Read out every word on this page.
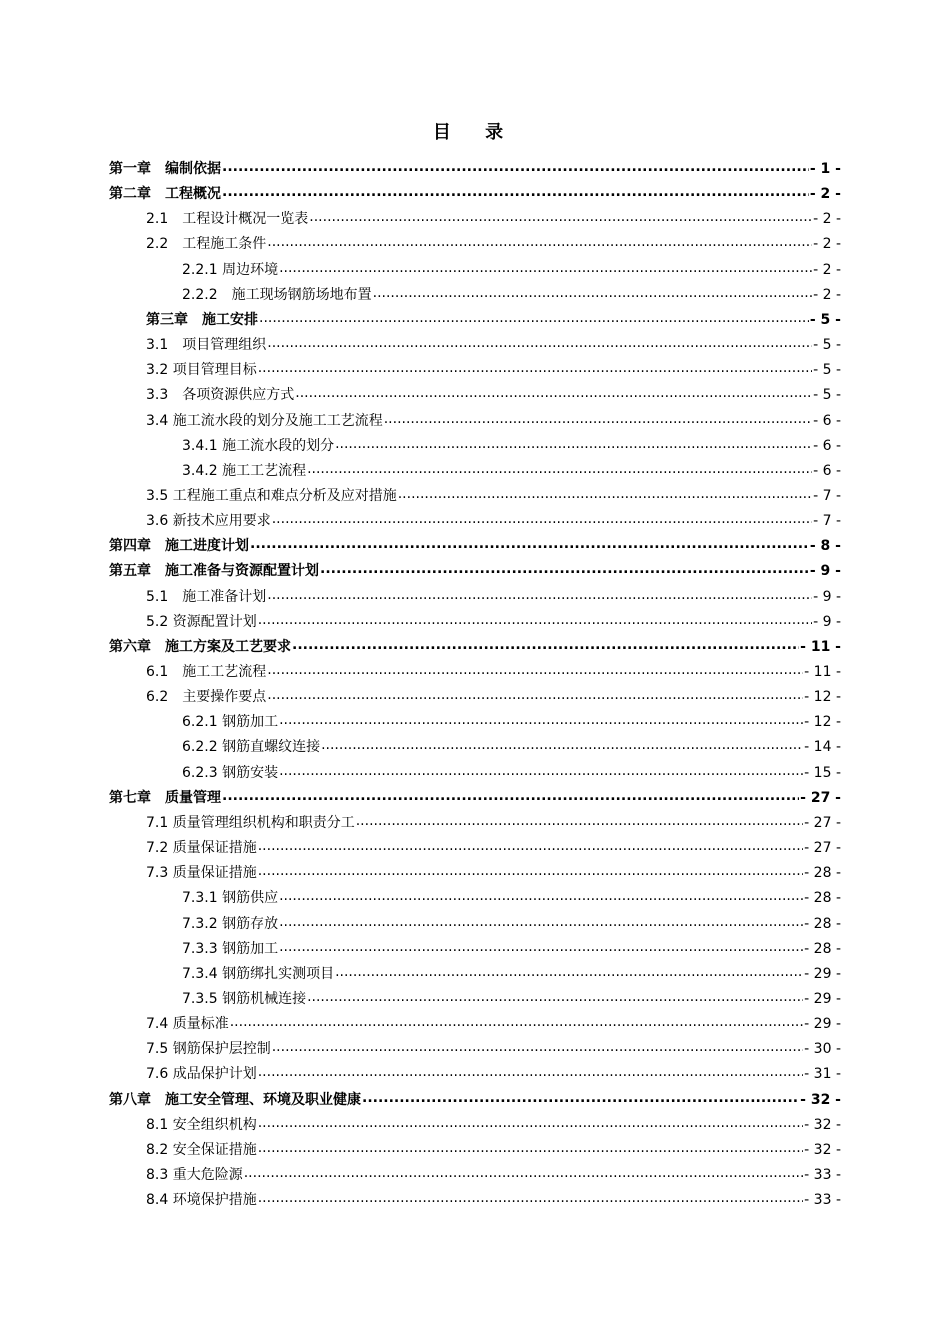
目 录
第一章　编制依据 .....	- 1 -
第二章　工程概况 .....	- 2 -
2.1　工程设计概况一览表 .....	- 2 -
2.2　工程施工条件 .....	- 2 -
2.2.1 周边环境 .....	- 2 -
2.2.2　施工现场钢筋场地布置 .....	- 2 -
第三章　施工安排 .....	- 5 -
3.1　项目管理组织 .....	- 5 -
3.2 项目管理目标 .....	- 5 -
3.3　各项资源供应方式 .....	- 5 -
3.4 施工流水段的划分及施工工艺流程 .....	- 6 -
3.4.1 施工流水段的划分 .....	- 6 -
3.4.2 施工工艺流程 .....	- 6 -
3.5 工程施工重点和难点分析及应对措施 .....	- 7 -
3.6 新技术应用要求 .....	- 7 -
第四章　施工进度计划 .....	- 8 -
第五章　施工准备与资源配置计划 .....	- 9 -
5.1　施工准备计划 .....	- 9 -
5.2 资源配置计划 .....	- 9 -
第六章　施工方案及工艺要求 .....	- 11 -
6.1　施工工艺流程 .....	- 11 -
6.2　主要操作要点 .....	- 12 -
6.2.1 钢筋加工 .....	- 12 -
6.2.2 钢筋直螺纹连接 .....	- 14 -
6.2.3 钢筋安装 .....	- 15 -
第七章　质量管理 .....	- 27 -
7.1 质量管理组织机构和职责分工 .....	- 27 -
7.2 质量保证措施 .....	- 27 -
7.3 质量保证措施 .....	- 28 -
7.3.1 钢筋供应 .....	- 28 -
7.3.2 钢筋存放 .....	- 28 -
7.3.3 钢筋加工 .....	- 28 -
7.3.4 钢筋绑扎实测项目 .....	- 29 -
7.3.5 钢筋机械连接 .....	- 29 -
7.4 质量标准 .....	- 29 -
7.5 钢筋保护层控制 .....	- 30 -
7.6 成品保护计划 .....	- 31 -
第八章　施工安全管理、环境及职业健康 .....	- 32 -
8.1 安全组织机构 .....	- 32 -
8.2 安全保证措施 .....	- 32 -
8.3 重大危险源 .....	- 33 -
8.4 环境保护措施 .....	- 33 -
